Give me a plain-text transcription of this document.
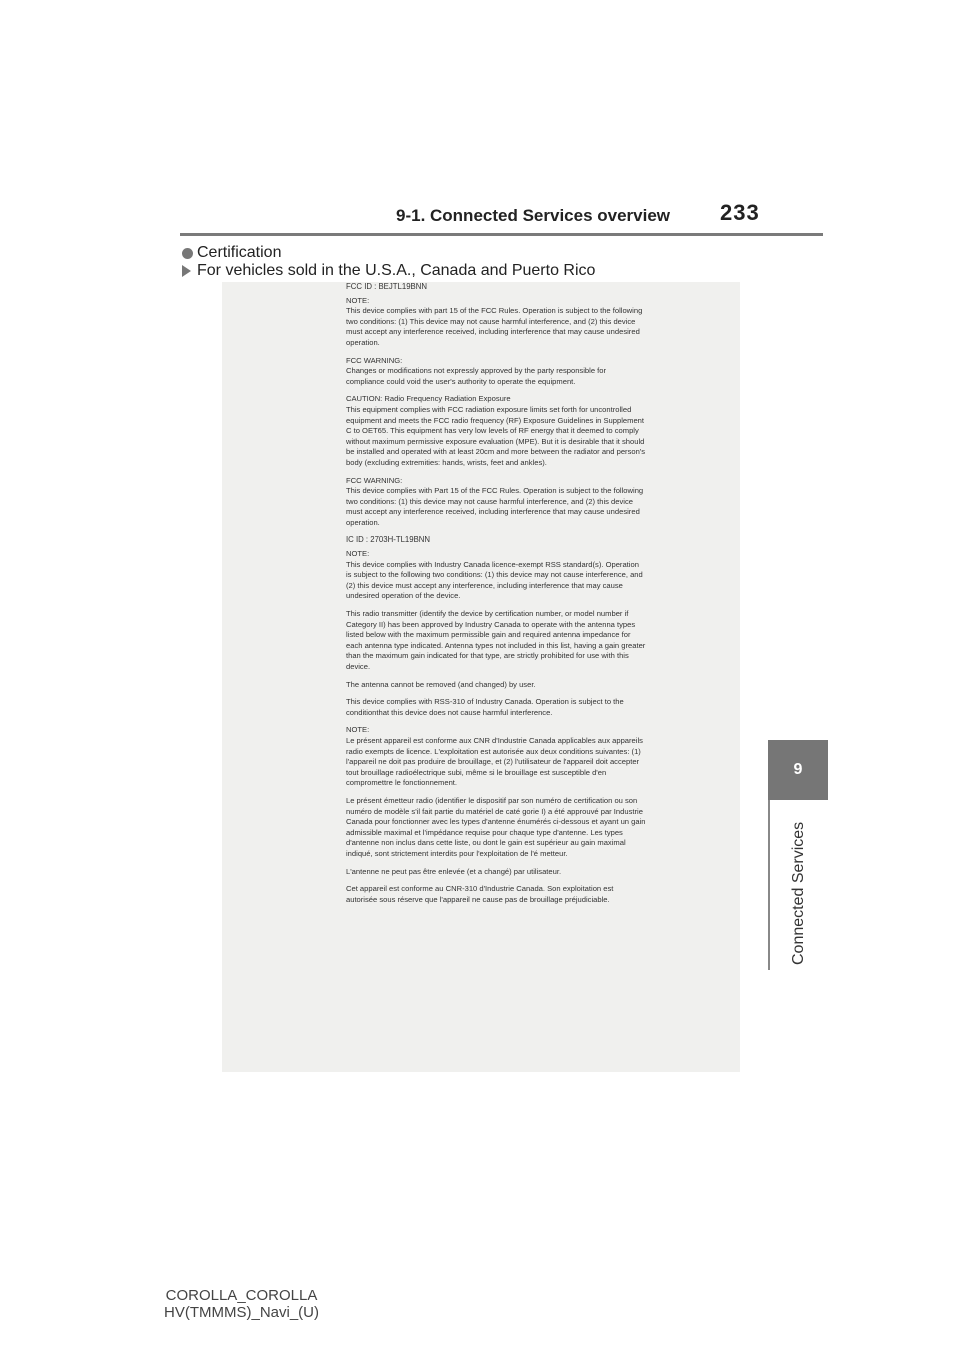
9-1. Connected Services overview 233
9
Connected Services
Certification
For vehicles sold in the U.S.A., Canada and Puerto Rico

FCC ID : BEJTL19BNN

NOTE:
This device complies with part 15 of the FCC Rules. Operation is subject to the following two conditions: (1) This device may not cause harmful interference, and (2) this device must accept any interference received, including interference that may cause undesired operation.

FCC WARNING:
Changes or modifications not expressly approved by the party responsible for compliance could void the user's authority to operate the equipment.

CAUTION: Radio Frequency Radiation Exposure
This equipment complies with FCC radiation exposure limits set forth for uncontrolled equipment and meets the FCC radio frequency (RF) Exposure Guidelines in Supplement C to OET65. This equipment has very low levels of RF energy that it deemed to comply without maximum permissive exposure evaluation (MPE). But it is desirable that it should be installed and operated with at least 20cm and more between the radiator and person's body (excluding extremities: hands, wrists, feet and ankles).

FCC WARNING:
This device complies with Part 15 of the FCC Rules. Operation is subject to the following two conditions: (1) this device may not cause harmful interference, and (2) this device must accept any interference received, including interference that may cause undesired operation.

IC ID : 2703H-TL19BNN

NOTE:
This device complies with Industry Canada licence-exempt RSS standard(s). Operation is subject to the following two conditions: (1) this device may not cause interference, and (2) this device must accept any interference, including interference that may cause undesired operation of the device.

This radio transmitter (identify the device by certification number, or model number if Category II) has been approved by Industry Canada to operate with the antenna types listed below with the maximum permissible gain and required antenna impedance for each antenna type indicated. Antenna types not included in this list, having a gain greater than the maximum gain indicated for that type, are strictly prohibited for use with this device.

The antenna cannot be removed (and changed) by user.

This device complies with RSS-310 of Industry Canada. Operation is subject to the conditionthat this device does not cause harmful interference.

NOTE:
Le présent appareil est conforme aux CNR d'Industrie Canada applicables aux appareils radio exempts de licence. L'exploitation est autorisée aux deux conditions suivantes: (1) l'appareil ne doit pas produire de brouillage, et (2) l'utilisateur de l'appareil doit accepter tout brouillage radioélectrique subi, même si le brouillage est susceptible d'en compromettre le fonctionnement.

Le présent émetteur radio (identifier le dispositif par son numéro de certification ou son numéro de modèle s'il fait partie du matériel de caté gorie I) a été approuvé par Industrie Canada pour fonctionner avec les types d'antenne énumérés ci-dessous et ayant un gain admissible maximal et l'impédance requise pour chaque type d'antenne. Les types d'antenne non inclus dans cette liste, ou dont le gain est supérieur au gain maximal indiqué, sont strictement interdits pour l'exploitation de l'é metteur.

L'antenne ne peut pas être enlevée (et a changé) par utilisateur.

Cet appareil est conforme au CNR-310 d'Industrie Canada. Son exploitation est autorisée sous réserve que l'appareil ne cause pas de brouillage préjudiciable.

COROLLA_COROLLA
HV(TMMMS)_Navi_(U)
